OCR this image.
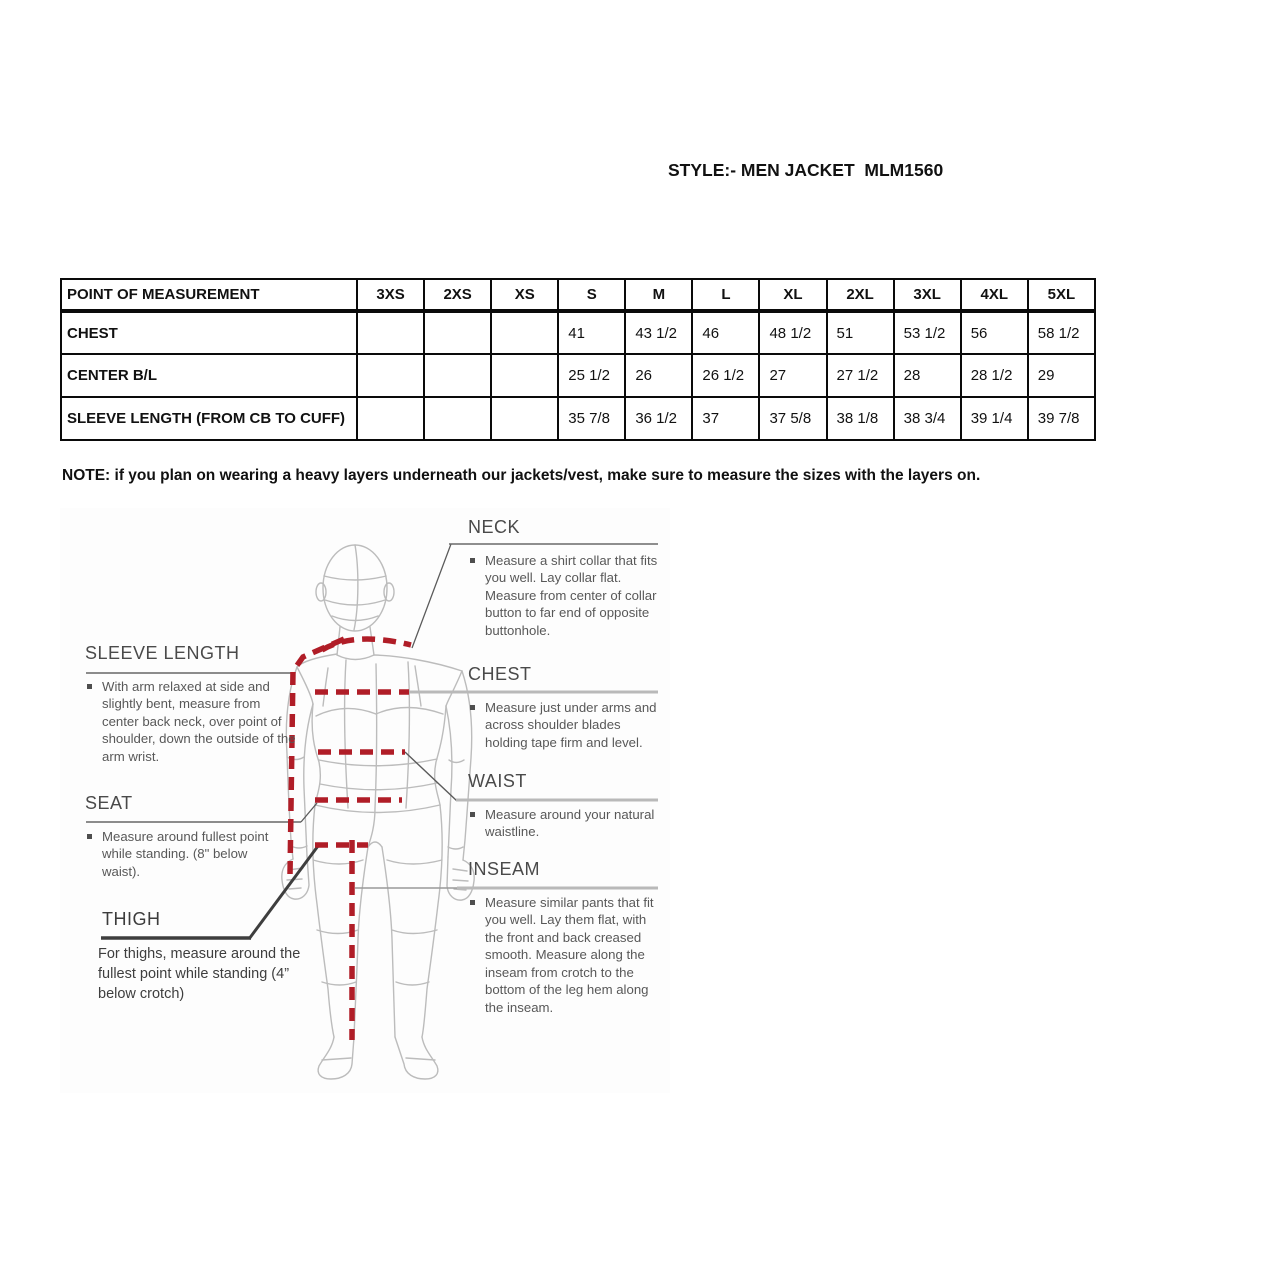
STYLE:- MEN JACKET  MLM1560
POINT OF MEASUREMENT	3XS	2XS	XS	S	M	L	XL	2XL	3XL	4XL	5XL
CHEST				41	43 1/2	46	48 1/2	51	53 1/2	56	58 1/2
CENTER B/L				25 1/2	26	26 1/2	27	27 1/2	28	28 1/2	29
SLEEVE LENGTH (FROM CB TO CUFF)				35 7/8	36 1/2	37	37 5/8	38 1/8	38 3/4	39 1/4	39 7/8
NOTE: if you plan on wearing a heavy layers underneath our jackets/vest, make sure to measure the sizes with the layers on.
NECK
Measure a shirt collar that fits you well. Lay collar flat. Measure from center of collar button to far end of opposite buttonhole.
SLEEVE LENGTH
With arm relaxed at side and slightly bent, measure from center back neck, over point of shoulder, down the outside of the arm wrist.
CHEST
Measure just under arms and across shoulder blades holding tape firm and level.
WAIST
Measure around your natural waistline.
SEAT
Measure around fullest point while standing. (8" below waist).	INSEAM
Measure similar pants that fit you well. Lay them flat, with the front and back creased smooth. Measure along the inseam from crotch to the bottom of the leg hem along the inseam.
THIGH
For thighs, measure around the fullest point while standing (4” below crotch)
